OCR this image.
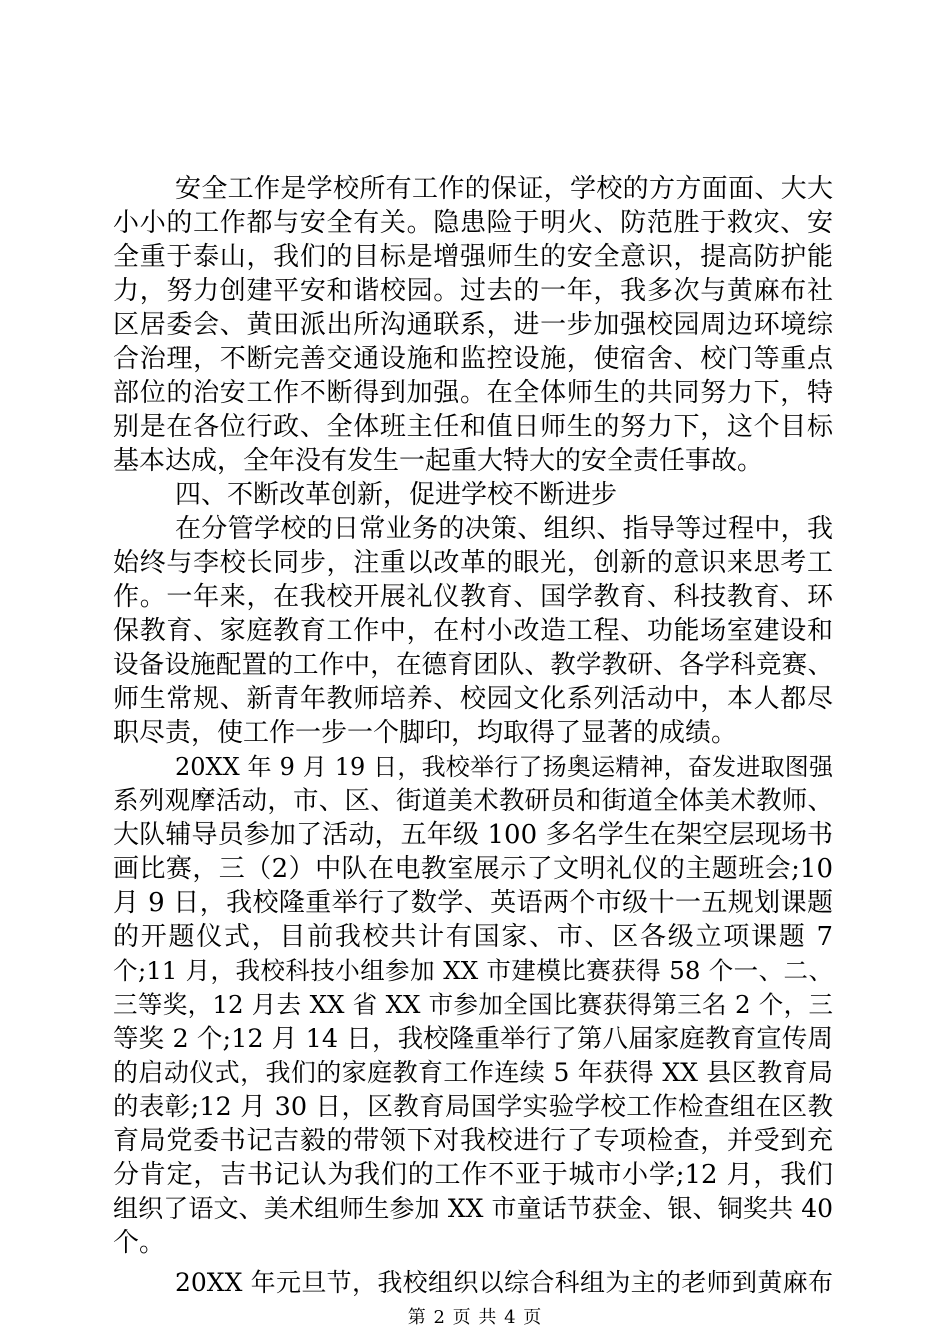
安全工作是学校所有工作的保证，学校的方方面面、大大
小小的工作都与安全有关。隐患险于明火、防范胜于救灾、安
全重于泰山，我们的目标是增强师生的安全意识，提高防护能
力，努力创建平安和谐校园。过去的一年，我多次与黄麻布社
区居委会、黄田派出所沟通联系，进一步加强校园周边环境综
合治理，不断完善交通设施和监控设施，使宿舍、校门等重点
部位的治安工作不断得到加强。在全体师生的共同努力下，特
别是在各位行政、全体班主任和值日师生的努力下，这个目标
基本达成，全年没有发生一起重大特大的安全责任事故。
四、不断改革创新，促进学校不断进步
在分管学校的日常业务的决策、组织、指导等过程中，我
始终与李校长同步，注重以改革的眼光，创新的意识来思考工
作。一年来，在我校开展礼仪教育、国学教育、科技教育、环
保教育、家庭教育工作中，在村小改造工程、功能场室建设和
设备设施配置的工作中，在德育团队、教学教研、各学科竞赛、
师生常规、新青年教师培养、校园文化系列活动中，本人都尽
职尽责，使工作一步一个脚印，均取得了显著的成绩。
20XX 年 9 月 19 日，我校举行了扬奥运精神，奋发进取图强
系列观摩活动，市、区、街道美术教研员和街道全体美术教师、
大队辅导员参加了活动，五年级 100 多名学生在架空层现场书
画比赛，三（2）中队在电教室展示了文明礼仪的主题班会;10
月 9 日，我校隆重举行了数学、英语两个市级十一五规划课题
的开题仪式，目前我校共计有国家、市、区各级立项课题 7
个;11 月，我校科技小组参加 XX 市建模比赛获得 58 个一、二、
三等奖，12 月去 XX 省 XX 市参加全国比赛获得第三名 2 个，三
等奖 2 个;12 月 14 日，我校隆重举行了第八届家庭教育宣传周
的启动仪式，我们的家庭教育工作连续 5 年获得 XX 县区教育局
的表彰;12 月 30 日，区教育局国学实验学校工作检查组在区教
育局党委书记吉毅的带领下对我校进行了专项检查，并受到充
分肯定，吉书记认为我们的工作不亚于城市小学;12 月，我们
组织了语文、美术组师生参加 XX 市童话节获金、银、铜奖共 40
个。
20XX 年元旦节，我校组织以综合科组为主的老师到黄麻布
第 2 页 共 4 页
